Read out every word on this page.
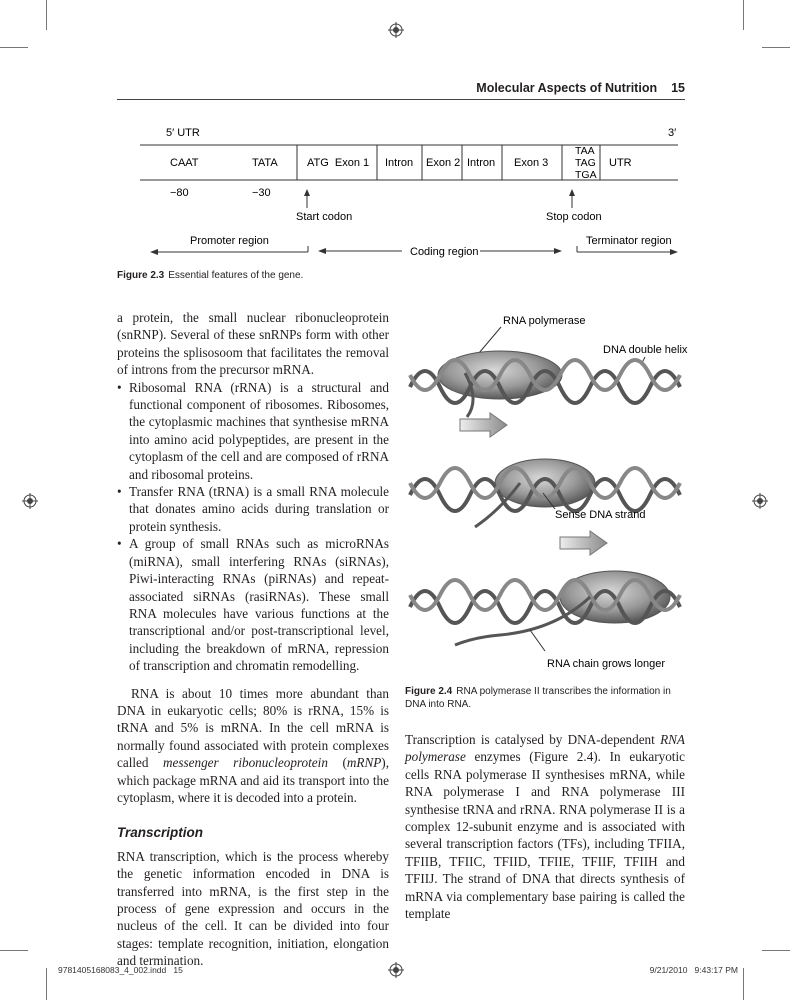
Molecular Aspects of Nutrition 15
5′ UTR	3′
CAAT	TATA	ATG  Exon 1 Intron Exon 2 Intron Exon 3
TAA
TAG
TGA
UTR
−80	−30
Start codon	Stop codon
Promoter region
Coding region
Terminator region
Figure 2.3 Essential features of the gene.

a protein, the small nuclear ribonucleoprotein (snRNP). Several of these snRNPs form with other proteins the splisosoom that facilitates the removal of introns from the precursor mRNA.

• Ribosomal RNA (rRNA) is a structural and functional component of ribosomes. Ribosomes, the cytoplasmic machines that synthesise mRNA into amino acid polypeptides, are present in the cytoplasm of the cell and are composed of rRNA and ribosomal proteins.
• Transfer RNA (tRNA) is a small RNA molecule that donates amino acids during translation or protein synthesis.
• A group of small RNAs such as microRNAs (miRNA), small interfering RNAs (siRNAs), Piwi-interacting RNAs (piRNAs) and repeat-associated siRNAs (rasiRNAs). These small RNA molecules have various functions at the transcriptional and/or post-transcriptional level, including the breakdown of mRNA, repression of transcription and chromatin remodelling.

RNA is about 10 times more abundant than DNA in eukaryotic cells; 80% is rRNA, 15% is tRNA and 5% is mRNA. In the cell mRNA is normally found associated with protein complexes called messenger ribonucleoprotein (mRNP), which package mRNA and aid its transport into the cytoplasm, where it is decoded into a protein.

Transcription

RNA transcription, which is the process whereby the genetic information encoded in DNA is transferred into mRNA, is the first step in the process of gene expression and occurs in the nucleus of the cell. It can be divided into four stages: template recognition, initiation, elongation and termination.

RNA polymerase
DNA double helix
Sense DNA strand
RNA chain grows longer
Figure 2.4 RNA polymerase II transcribes the information in DNA into RNA.

Transcription is catalysed by DNA-dependent RNA polymerase enzymes (Figure 2.4). In eukaryotic cells RNA polymerase II synthesises mRNA, while RNA polymerase I and RNA polymerase III synthesise tRNA and rRNA. RNA polymerase II is a complex 12-subunit enzyme and is associated with several transcription factors (TFs), including TFIIA, TFIIB, TFIIC, TFIID, TFIIE, TFIIF, TFIIH and TFIIJ. The strand of DNA that directs synthesis of mRNA via complementary base pairing is called the template

9781405168083_4_002.indd   15	9/21/2010   9:43:17 PM
